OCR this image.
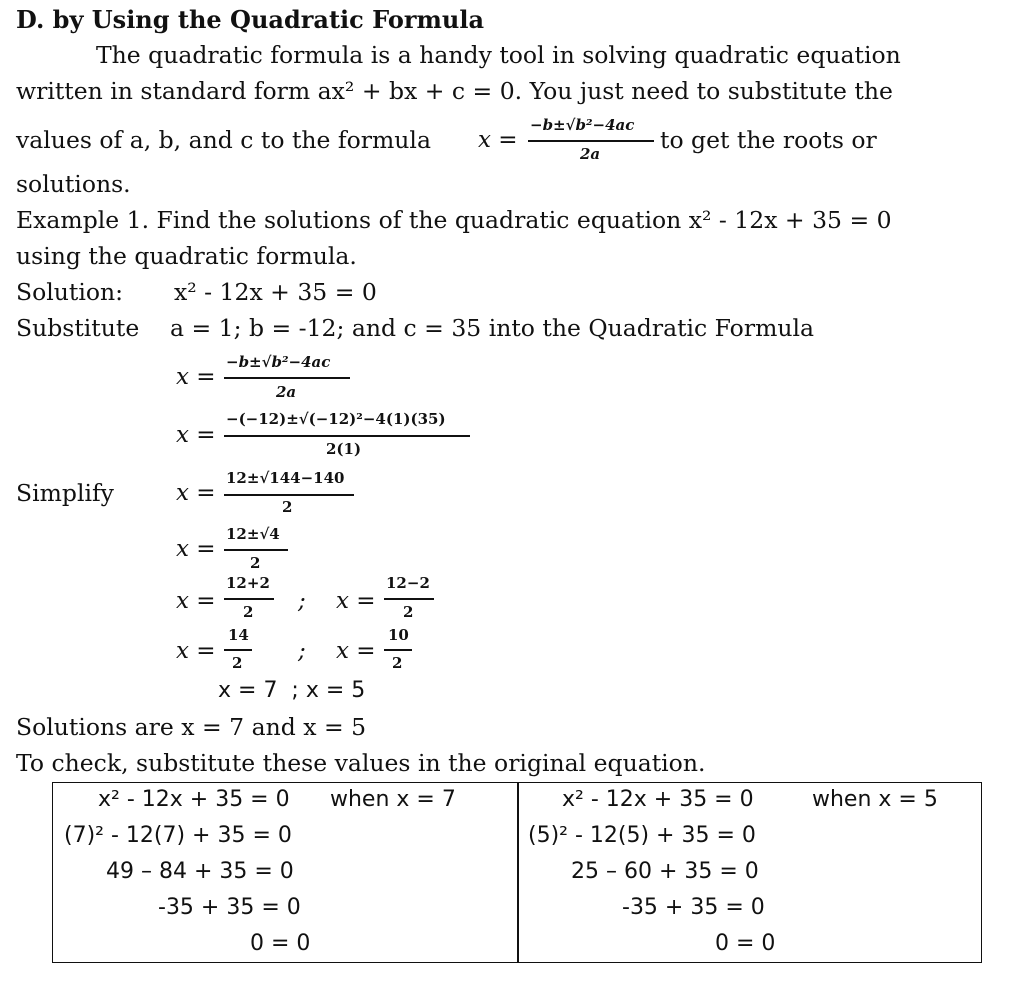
D. by Using the Quadratic Formula
The quadratic formula is a handy tool in solving quadratic equation
written in standard form ax² + bx + c = 0. You just need to substitute the
values of a, b, and c to the formula x =
−b±√b²−4ac
2a	to get the roots or
solutions.
Example 1. Find the solutions of the quadratic equation x² - 12x + 35 = 0
using the quadratic formula.
Solution: x² - 12x + 35 = 0
Substitute a = 1; b = -12; and c = 35 into the Quadratic Formula
Simplify
x =
−b±√b²−4ac
2a
x =
−(−12)±√(−12)²−4(1)(35)
2(1)
x =
12±√144−140
2
x =
12±√4
2
x =
12+2
2 ; x =
12−2
2
x =
14
2 ; x =
10
2
x = 7  ; x = 5
Solutions are x = 7 and x = 5
To check, substitute these values in the original equation.
x² - 12x + 35 = 0 when x = 7
(7)² - 12(7) + 35 = 0
49 – 84 + 35 = 0
-35 + 35 = 0
0 = 0
x² - 12x + 35 = 0	when x = 5
(5)² - 12(5) + 35 = 0
25 – 60 + 35 = 0
-35 + 35 = 0
0 = 0
